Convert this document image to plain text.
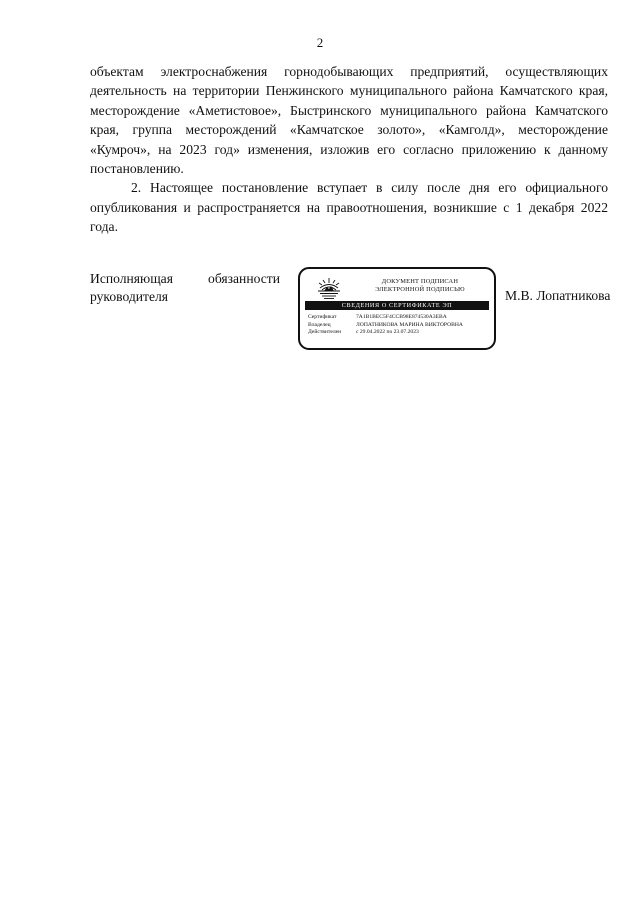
2

объектам электроснабжения горнодобывающих предприятий, осуществляющих деятельность на территории Пенжинского муниципального района Камчатского края, месторождение «Аметистовое», Быстринского муниципального района Камчатского края, группа месторождений «Камчатское золото», «Камголд», месторождение «Кумроч», на 2023 год» изменения, изложив его согласно приложению к данному постановлению.

2. Настоящее постановление вступает в силу после дня его официального опубликования и распространяется на правоотношения, возникшие с 1 декабря 2022 года.

Исполняющая	обязанности
руководителя
ДОКУМЕНТ ПОДПИСАН
ЭЛЕКТРОННОЙ ПОДПИСЬЮ
СВЕДЕНИЯ О СЕРТИФИКАТЕ ЭП
Сертификат	7A1B1BEC5F4CCB98E874530A3EBA
Владелец	ЛОПАТНИКОВА МАРИНА ВИКТОРОВНА
Действителен	с 29.04.2022 по 23.07.2023
М.В. Лопатникова
